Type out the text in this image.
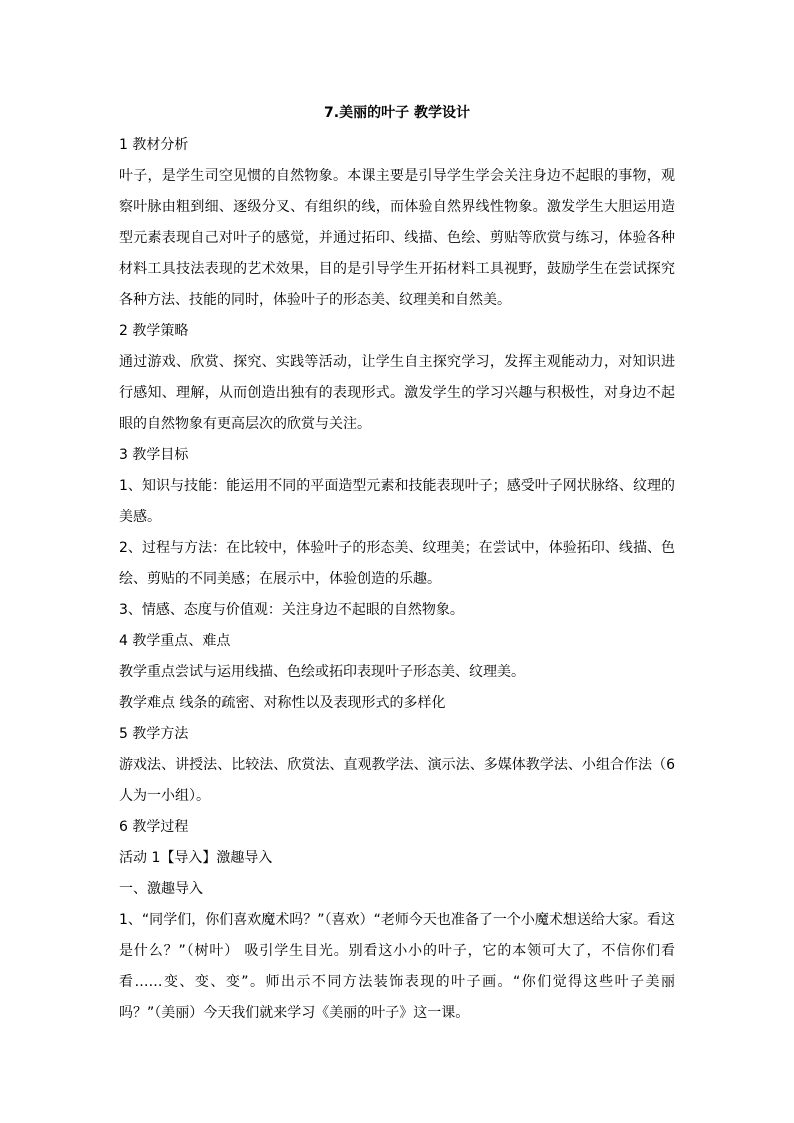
7.美丽的叶子 教学设计

1 教材分析

叶子，是学生司空见惯的自然物象。本课主要是引导学生学会关注身边不起眼的事物，观察叶脉由粗到细、逐级分叉、有组织的线，而体验自然界线性物象。激发学生大胆运用造型元素表现自己对叶子的感觉，并通过拓印、线描、色绘、剪贴等欣赏与练习，体验各种材料工具技法表现的艺术效果，目的是引导学生开拓材料工具视野，鼓励学生在尝试探究各种方法、技能的同时，体验叶子的形态美、纹理美和自然美。

2 教学策略

通过游戏、欣赏、探究、实践等活动，让学生自主探究学习，发挥主观能动力，对知识进行感知、理解，从而创造出独有的表现形式。激发学生的学习兴趣与积极性，对身边不起眼的自然物象有更高层次的欣赏与关注。

3 教学目标

1、知识与技能：能运用不同的平面造型元素和技能表现叶子；感受叶子网状脉络、纹理的美感。

2、过程与方法：在比较中，体验叶子的形态美、纹理美；在尝试中，体验拓印、线描、色绘、剪贴的不同美感；在展示中，体验创造的乐趣。

3、情感、态度与价值观：关注身边不起眼的自然物象。

4 教学重点、难点

教学重点尝试与运用线描、色绘或拓印表现叶子形态美、纹理美。

教学难点 线条的疏密、对称性以及表现形式的多样化

5 教学方法

游戏法、讲授法、比较法、欣赏法、直观教学法、演示法、多媒体教学法、小组合作法（6人为一小组）。

6 教学过程

活动 1【导入】激趣导入

一、激趣导入

1、“同学们，你们喜欢魔术吗？”（喜欢）“老师今天也准备了一个小魔术想送给大家。看这是什么？”（树叶） 吸引学生目光。别看这小小的叶子，它的本领可大了，不信你们看看……变、变、变”。师出示不同方法装饰表现的叶子画。“你们觉得这些叶子美丽吗？”（美丽）今天我们就来学习《美丽的叶子》这一课。
